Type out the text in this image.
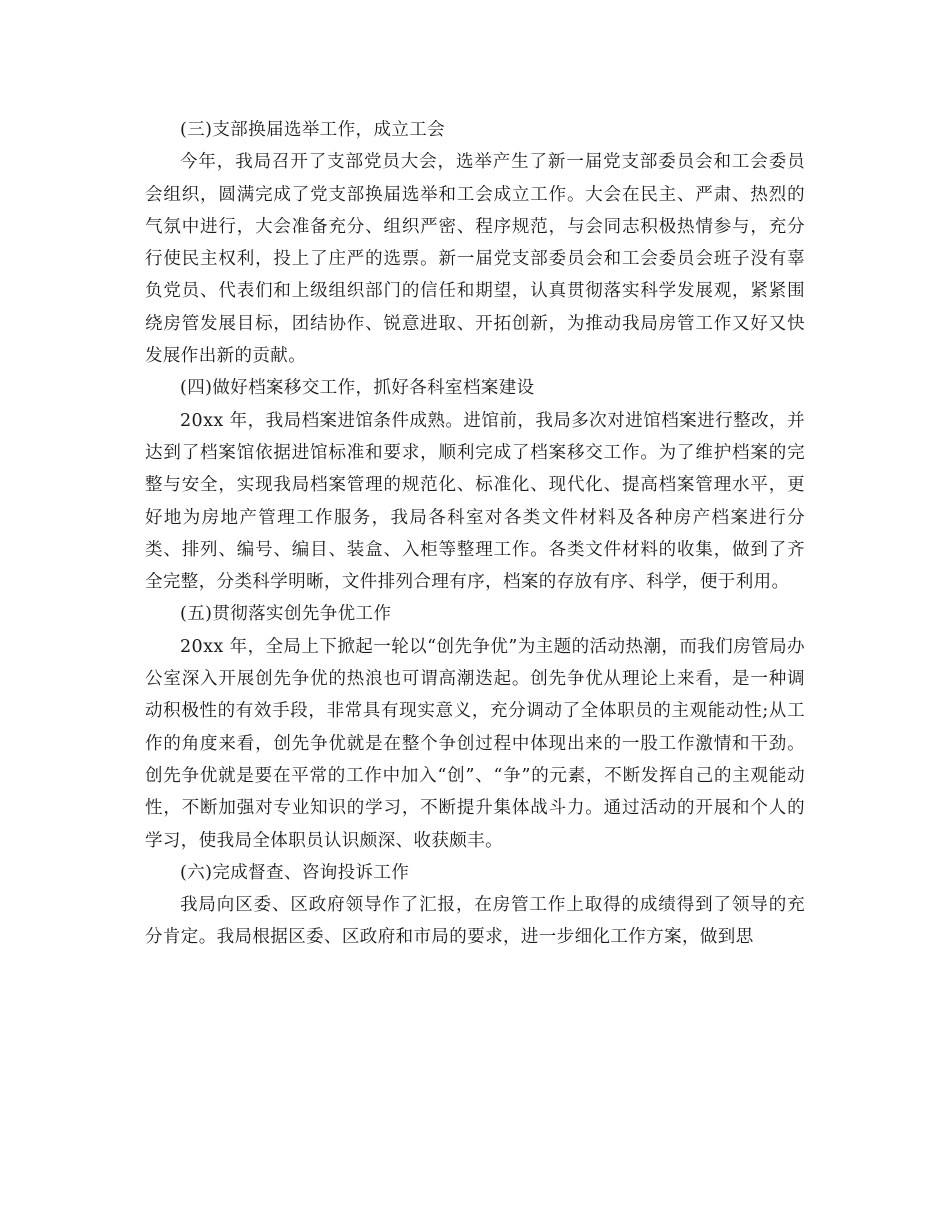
(三)支部换届选举工作，成立工会

今年，我局召开了支部党员大会，选举产生了新一届党支部委员会和工会委员会组织，圆满完成了党支部换届选举和工会成立工作。大会在民主、严肃、热烈的气氛中进行，大会准备充分、组织严密、程序规范，与会同志积极热情参与，充分行使民主权利，投上了庄严的选票。新一届党支部委员会和工会委员会班子没有辜负党员、代表们和上级组织部门的信任和期望，认真贯彻落实科学发展观，紧紧围绕房管发展目标，团结协作、锐意进取、开拓创新，为推动我局房管工作又好又快发展作出新的贡献。

(四)做好档案移交工作，抓好各科室档案建设

20xx 年，我局档案进馆条件成熟。进馆前，我局多次对进馆档案进行整改，并达到了档案馆依据进馆标准和要求，顺利完成了档案移交工作。为了维护档案的完整与安全，实现我局档案管理的规范化、标准化、现代化、提高档案管理水平，更好地为房地产管理工作服务，我局各科室对各类文件材料及各种房产档案进行分类、排列、编号、编目、装盒、入柜等整理工作。各类文件材料的收集，做到了齐全完整，分类科学明晰，文件排列合理有序，档案的存放有序、科学，便于利用。

(五)贯彻落实创先争优工作

20xx 年，全局上下掀起一轮以“创先争优”为主题的活动热潮，而我们房管局办公室深入开展创先争优的热浪也可谓高潮迭起。创先争优从理论上来看，是一种调动积极性的有效手段，非常具有现实意义，充分调动了全体职员的主观能动性;从工作的角度来看，创先争优就是在整个争创过程中体现出来的一股工作激情和干劲。创先争优就是要在平常的工作中加入“创”、“争”的元素，不断发挥自己的主观能动性，不断加强对专业知识的学习，不断提升集体战斗力。通过活动的开展和个人的学习，使我局全体职员认识颇深、收获颇丰。

(六)完成督查、咨询投诉工作

我局向区委、区政府领导作了汇报，在房管工作上取得的成绩得到了领导的充分肯定。我局根据区委、区政府和市局的要求，进一步细化工作方案，做到思
